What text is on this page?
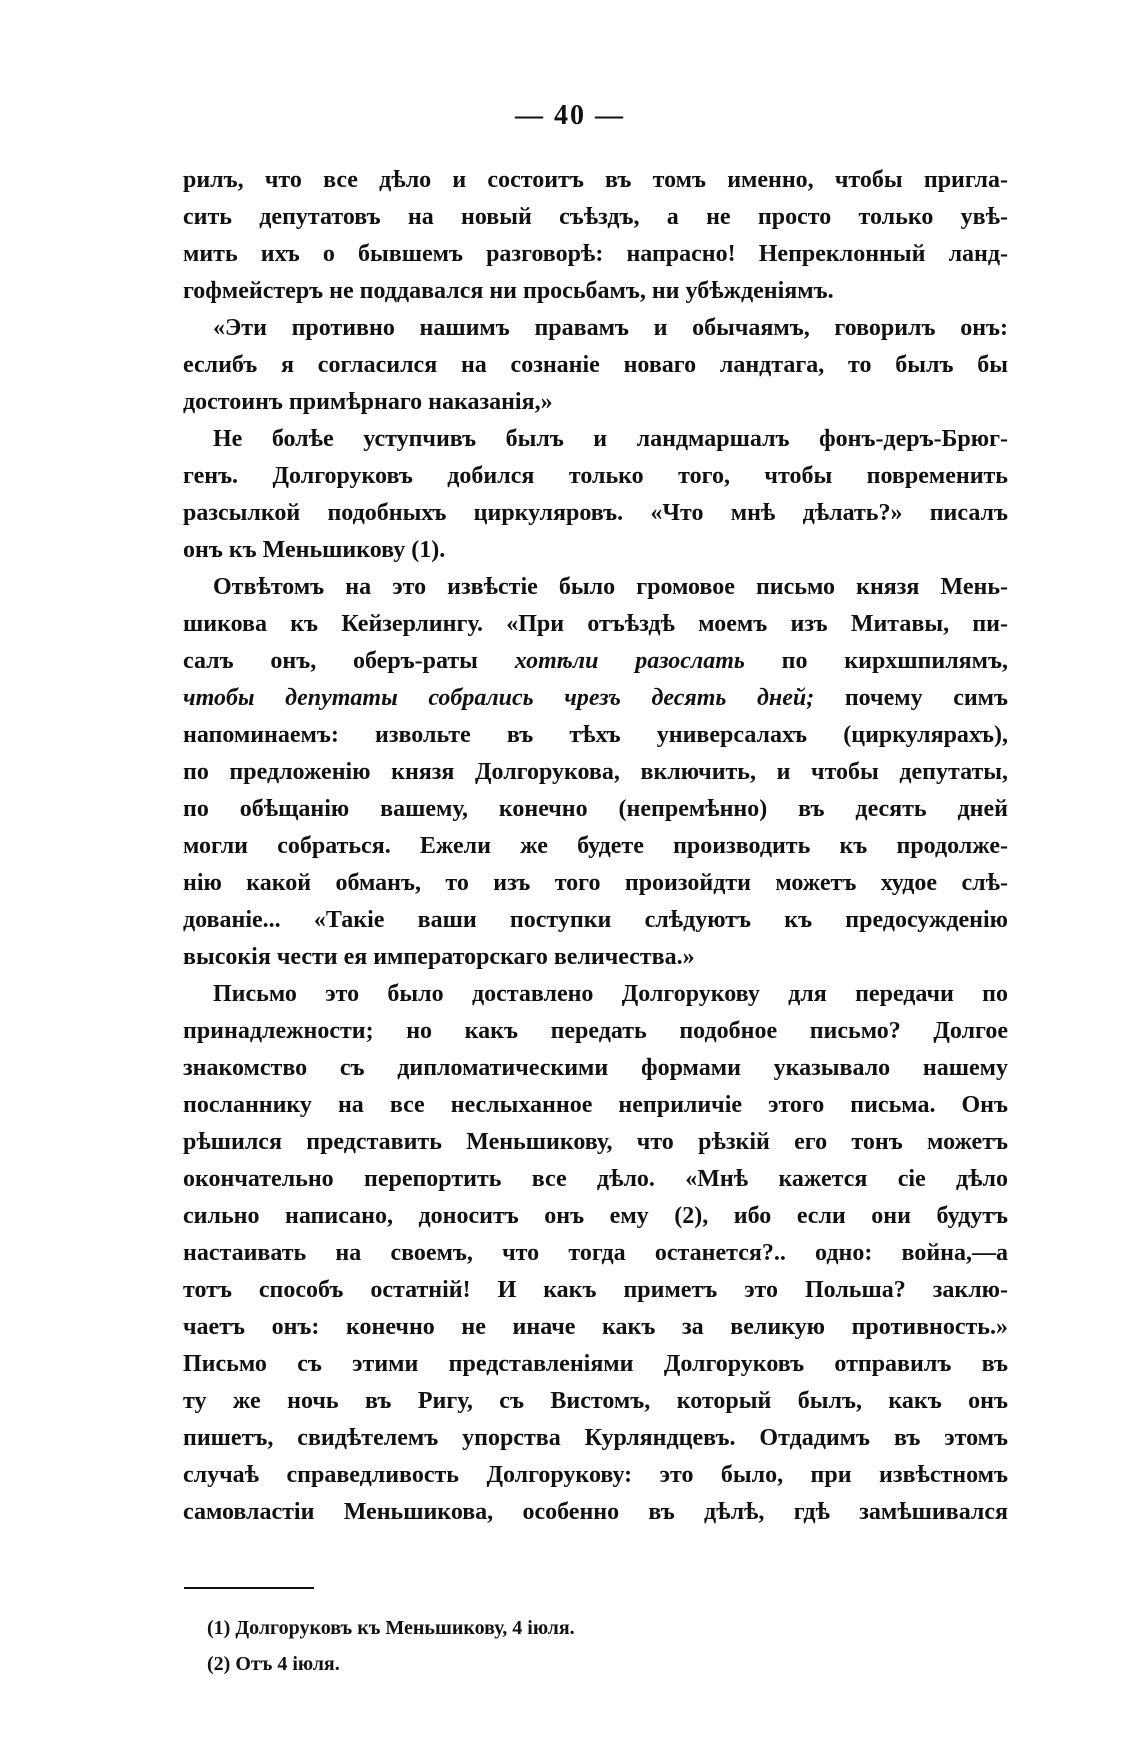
— 40 —
рилъ, что все дѣло и состоитъ въ томъ именно, чтобы пригла-
сить депутатовъ на новый съѣздъ, а не просто только увѣ-
мить ихъ о бывшемъ разговорѣ: напрасно! Непреклонный ланд-
гофмейстеръ не поддавался ни просьбамъ, ни убѣжденіямъ.
«Эти противно нашимъ правамъ и обычаямъ, говорилъ онъ:
еслибъ я согласился на сознаніе новаго ландтага, то былъ бы
достоинъ примѣрнаго наказанія,»
Не болѣе уступчивъ былъ и ландмаршалъ фонъ-деръ-Брюг-
генъ. Долгоруковъ добился только того, чтобы повременить
разсылкой подобныхъ циркуляровъ. «Что мнѣ дѣлать?» писалъ
онъ къ Меньшикову (1).
Отвѣтомъ на это извѣстіе было громовое письмо князя Мень-
шикова къ Кейзерлингу. «При отъѣздѣ моемъ изъ Митавы, пи-
салъ онъ, оберъ-раты хотѣли разослать по кирхшпилямъ,
чтобы депутаты собрались чрезъ десять дней; почему симъ
напоминаемъ: извольте въ тѣхъ универсалахъ (циркулярахъ),
по предложенію князя Долгорукова, включить, и чтобы депутаты,
по обѣщанію вашему, конечно (непремѣнно) въ десять дней
могли собраться. Ежели же будете производить къ продолже-
нію какой обманъ, то изъ того произойдти можетъ худое слѣ-
дованіе... «Такіе ваши поступки слѣдуютъ къ предосужденію
высокія чести ея императорскаго величества.»
Письмо это было доставлено Долгорукову для передачи по
принадлежности; но какъ передать подобное письмо? Долгое
знакомство съ дипломатическими формами указывало нашему
посланнику на все неслыханное неприличіе этого письма. Онъ
рѣшился представить Меньшикову, что рѣзкій его тонъ можетъ
окончательно перепортить все дѣло. «Мнѣ кажется сіе дѣло
сильно написано, доноситъ онъ ему (2), ибо если они будутъ
настаивать на своемъ, что тогда останется?.. одно: война,—а
тотъ способъ остатній! И какъ приметъ это Польша? заклю-
чаетъ онъ: конечно не иначе какъ за великую противность.»
Письмо съ этими представленіями Долгоруковъ отправилъ въ
ту же ночь въ Ригу, съ Вистомъ, который былъ, какъ онъ
пишетъ, свидѣтелемъ упорства Курляндцевъ. Отдадимъ въ этомъ
случаѣ справедливость Долгорукову: это было, при извѣстномъ
самовластіи Меньшикова, особенно въ дѣлѣ, гдѣ замѣшивался
(1) Долгоруковъ къ Меньшикову, 4 іюля.
(2) Отъ 4 іюля.
